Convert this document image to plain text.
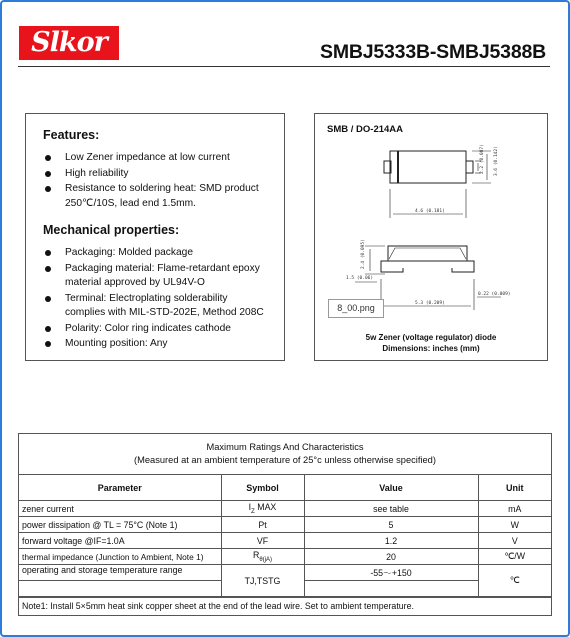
Slkor	SMBJ5333B-SMBJ5388B
Features:
Low Zener impedance at low current
High reliability
Resistance to soldering heat: SMD product
250℃/10S, lead end 1.5mm.
Mechanical properties:
Packaging: Molded package
Packaging material: Flame-retardant epoxy
material approved by UL94V-O
Terminal: Electroplating solderability
complies with MIL-STD-202E, Method 208C
Polarity: Color ring indicates cathode
Mounting position: Any
SMB / DO-214AA
4.6 (0.181)
5.3 (0.209)
0.22 (0.009)
1.5 (0.06)
2.2 (0.087) 3.6 (0.142)
2.4 (0.095)
8_00.png
5w Zener (voltage regulator) diode
Dimensions: inches (mm)
Maximum Ratings And Characteristics
(Measured at an ambient temperature of 25°c unless otherwise specified)
Parameter	Symbol	Value	Unit
zener current	$I_Z$ MAX	see table	mA
power dissipation @ TL = 75°C (Note 1)	Pt	5	W
forward voltage @IF=1.0A	VF	1.2	V
thermal impedance (Junction to Ambient, Note 1)	$R_{\theta(jA)}$	20	℃/W
operating and storage temperature range	TJ,TSTG	-55～+150	℃

Note1: Install 5×5mm heat sink copper sheet at the end of the lead wire. Set to ambient temperature.
